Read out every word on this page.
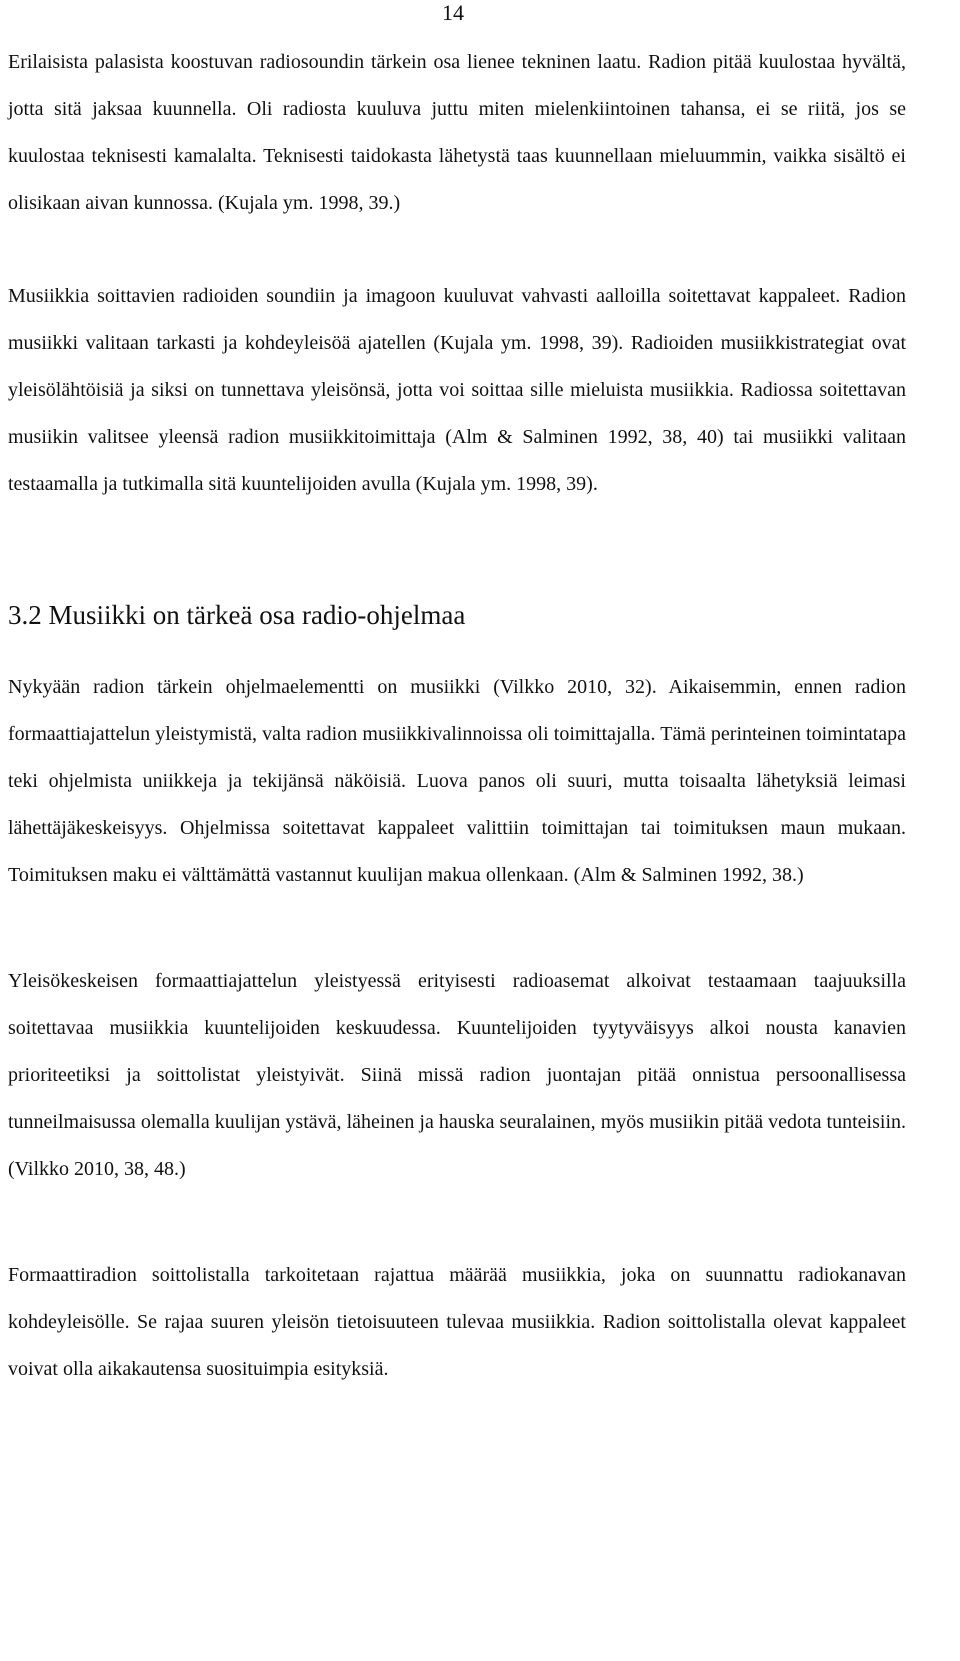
14

Erilaisista palasista koostuvan radiosoundin tärkein osa lienee tekninen laatu. Radion pitää kuulostaa hyvältä, jotta sitä jaksaa kuunnella. Oli radiosta kuuluva juttu miten mielenkiintoinen tahansa, ei se riitä, jos se kuulostaa teknisesti kamalalta. Teknisesti taidokasta lähetystä taas kuunnellaan mieluummin, vaikka sisältö ei olisikaan aivan kunnossa. (Kujala ym. 1998, 39.)

Musiikkia soittavien radioiden soundiin ja imagoon kuuluvat vahvasti aalloilla soitettavat kappaleet. Radion musiikki valitaan tarkasti ja kohdeyleisöä ajatellen (Kujala ym. 1998, 39). Radioiden musiikkistrategiat ovat yleisölähtöisiä ja siksi on tunnettava yleisönsä, jotta voi soittaa sille mieluista musiikkia. Radiossa soitettavan musiikin valitsee yleensä radion musiikkitoimittaja (Alm & Salminen 1992, 38, 40) tai musiikki valitaan testaamalla ja tutkimalla sitä kuuntelijoiden avulla (Kujala ym. 1998, 39).

3.2 Musiikki on tärkeä osa radio-ohjelmaa

Nykyään radion tärkein ohjelmaelementti on musiikki (Vilkko 2010, 32). Aikaisemmin, ennen radion formaattiajattelun yleistymistä, valta radion musiikkivalinnoissa oli toimittajalla. Tämä perinteinen toimintatapa teki ohjelmista uniikkeja ja tekijänsä näköisiä. Luova panos oli suuri, mutta toisaalta lähetyksiä leimasi lähettäjäkeskeisyys. Ohjelmissa soitettavat kappaleet valittiin toimittajan tai toimituksen maun mukaan. Toimituksen maku ei välttämättä vastannut kuulijan makua ollenkaan. (Alm & Salminen 1992, 38.)

Yleisökeskeisen formaattiajattelun yleistyessä erityisesti radioasemat alkoivat testaamaan taajuuksilla soitettavaa musiikkia kuuntelijoiden keskuudessa. Kuuntelijoiden tyytyväisyys alkoi nousta kanavien prioriteetiksi ja soittolistat yleistyivät. Siinä missä radion juontajan pitää onnistua persoonallisessa tunneilmaisussa olemalla kuulijan ystävä, läheinen ja hauska seuralainen, myös musiikin pitää vedota tunteisiin. (Vilkko 2010, 38, 48.)

Formaattiradion soittolistalla tarkoitetaan rajattua määrää musiikkia, joka on suunnattu radiokanavan kohdeyleisölle. Se rajaa suuren yleisön tietoisuuteen tulevaa musiikkia. Radion soittolistalla olevat kappaleet voivat olla aikakautensa suosituimpia esityksiä.
